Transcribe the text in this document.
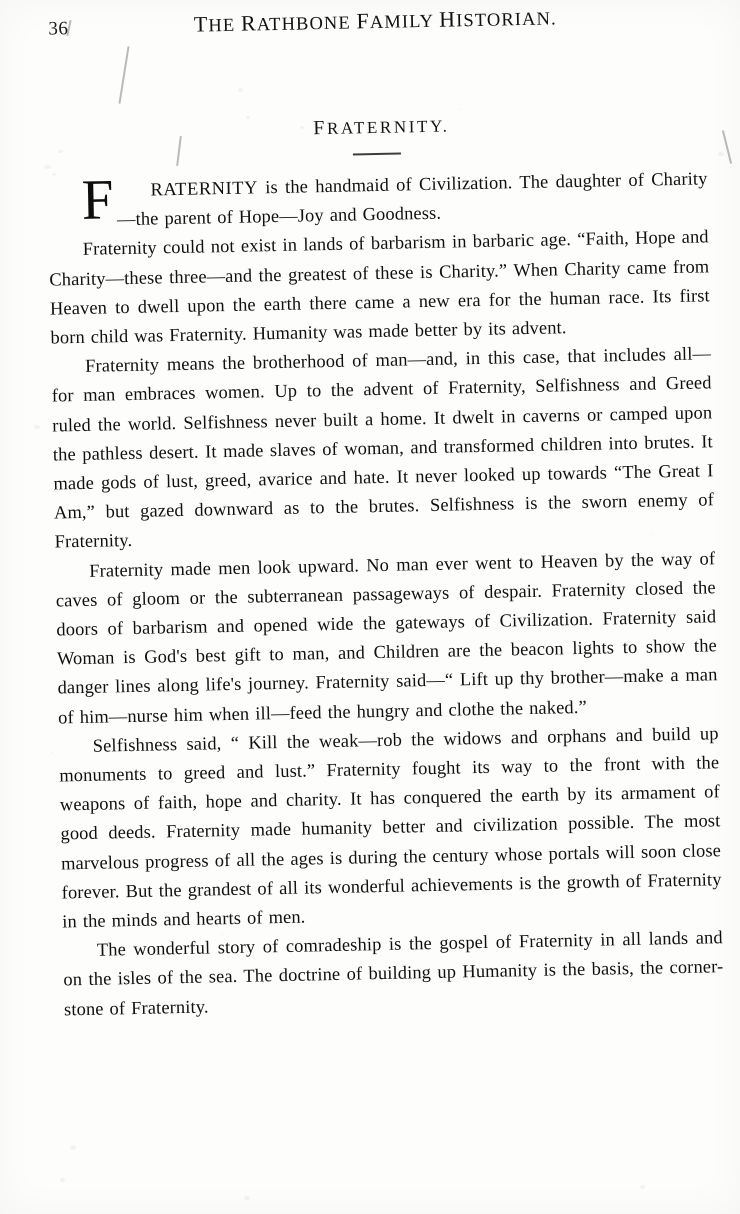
36	THE RATHBONE FAMILY HISTORIAN.
FRATERNITY.

F RATERNITY is the handmaid of Civilization. The daughter of Charity—the parent of Hope—Joy and Goodness.

Fraternity could not exist in lands of barbarism in barbaric age. “Faith, Hope and Charity—these three—and the greatest of these is Charity.” When Charity came from Heaven to dwell upon the earth there came a new era for the human race. Its first born child was Fraternity. Humanity was made better by its advent.

Fraternity means the brotherhood of man—and, in this case, that includes all—for man embraces women. Up to the advent of Fraternity, Selfishness and Greed ruled the world. Selfishness never built a home. It dwelt in caverns or camped upon the pathless desert. It made slaves of woman, and transformed children into brutes. It made gods of lust, greed, avarice and hate. It never looked up towards “The Great I Am,” but gazed downward as to the brutes. Selfishness is the sworn enemy of Fraternity.

Fraternity made men look upward. No man ever went to Heaven by the way of caves of gloom or the subterranean passageways of despair. Fraternity closed the doors of barbarism and opened wide the gateways of Civilization. Fraternity said Woman is God's best gift to man, and Children are the beacon lights to show the danger lines along life's journey. Fraternity said—“ Lift up thy brother—make a man of him—nurse him when ill—feed the hungry and clothe the naked.”

Selfishness said, “ Kill the weak—rob the widows and orphans and build up monuments to greed and lust.” Fraternity fought its way to the front with the weapons of faith, hope and charity. It has conquered the earth by its armament of good deeds. Fraternity made humanity better and civilization possible. The most marvelous progress of all the ages is during the century whose portals will soon close forever. But the grandest of all its wonderful achievements is the growth of Fraternity in the minds and hearts of men.

The wonderful story of comradeship is the gospel of Fraternity in all lands and on the isles of the sea. The doctrine of building up Humanity is the basis, the corner-stone of Fraternity.
